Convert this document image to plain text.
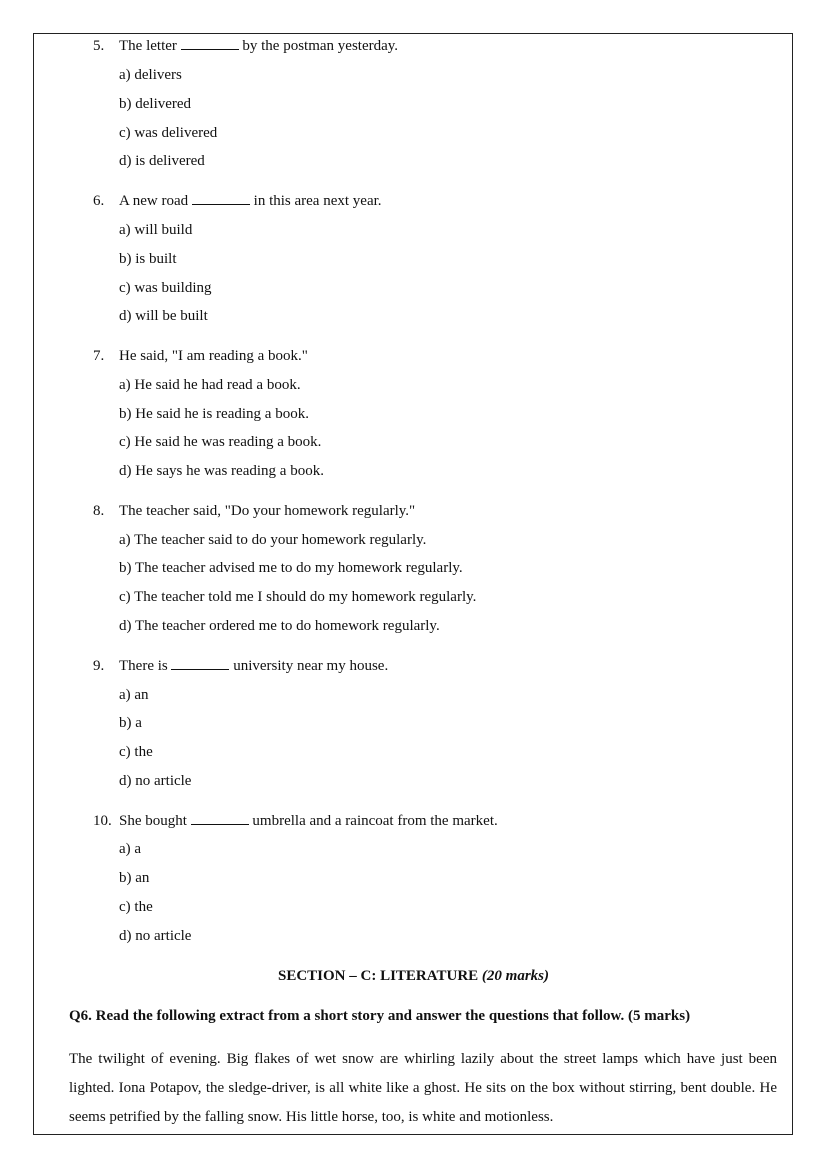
5. The letter	by the postman yesterday.
a) delivers
b) delivered
c) was delivered
d) is delivered
6. A new road	in this area next year.
a) will build
b) is built
c) was building
d) will be built
7. He said, "I am reading a book."
a) He said he had read a book.
b) He said he is reading a book.
c) He said he was reading a book.
d) He says he was reading a book.
8. The teacher said, "Do your homework regularly."
a) The teacher said to do your homework regularly.
b) The teacher advised me to do my homework regularly.
c) The teacher told me I should do my homework regularly.
d) The teacher ordered me to do homework regularly.
9. There is	university near my house.
a) an
b) a
c) the
d) no article
10. She bought	umbrella and a raincoat from the market.
a) a
b) an
c) the
d) no article
SECTION – C: LITERATURE (20 marks)
Q6. Read the following extract from a short story and answer the questions that follow. (5 marks)
The twilight of evening. Big flakes of wet snow are whirling lazily about the street lamps which have just been lighted. Iona Potapov, the sledge-driver, is all white like a ghost. He sits on the box without stirring, bent double. He seems petrified by the falling snow. His little horse, too, is white and motionless.
